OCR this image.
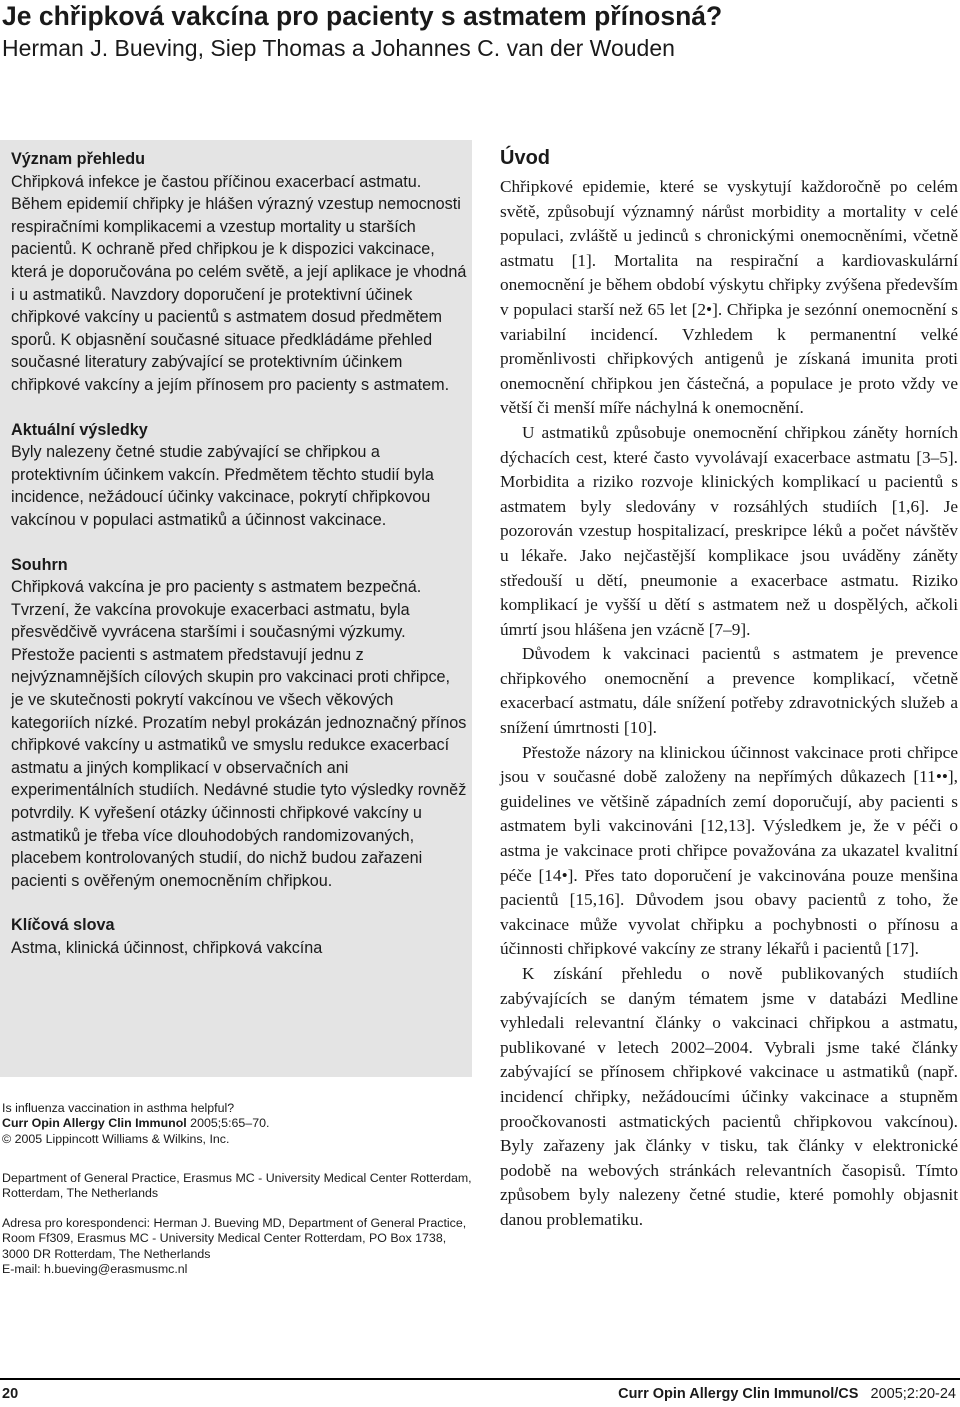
Je chřipková vakcína pro pacienty s astmatem přínosná?
Herman J. Bueving, Siep Thomas a Johannes C. van der Wouden
Význam přehledu

Chřipková infekce je častou příčinou exacerbací astmatu. Během epidemií chřipky je hlášen výrazný vzestup nemocnosti respiračními komplikacemi a vzestup mortality u starších pacientů. K ochraně před chřipkou je k dispozici vakcinace, která je doporučována po celém světě, a její aplikace je vhodná i u astmatiků. Navzdory doporučení je protektivní účinek chřipkové vakcíny u pacientů s astmatem dosud předmětem sporů. K objasnění současné situace předkládáme přehled současné literatury zabývající se protektivním účinkem chřipkové vakcíny a jejím přínosem pro pacienty s astmatem.

Aktuální výsledky

Byly nalezeny četné studie zabývající se chřipkou a protektivním účinkem vakcín. Předmětem těchto studií byla incidence, nežádoucí účinky vakcinace, pokrytí chřipkovou vakcínou v populaci astmatiků a účinnost vakcinace.

Souhrn

Chřipková vakcína je pro pacienty s astmatem bezpečná. Tvrzení, že vakcína provokuje exacerbaci astmatu, byla přesvědčivě vyvrácena staršími i současnými výzkumy. Přestože pacienti s astmatem představují jednu z nejvýznamnějších cílových skupin pro vakcinaci proti chřipce, je ve skutečnosti pokrytí vakcínou ve všech věkových kategoriích nízké. Prozatím nebyl prokázán jednoznačný přínos chřipkové vakcíny u astmatiků ve smyslu redukce exacerbací astmatu a jiných komplikací v observačních ani experimentálních studiích. Nedávné studie tyto výsledky rovněž potvrdily. K vyřešení otázky účinnosti chřipkové vakcíny u astmatiků je třeba více dlouhodobých randomizovaných, placebem kontrolovaných studií, do nichž budou zařazeni pacienti s ověřeným onemocněním chřipkou.

Klíčová slova

Astma, klinická účinnost, chřipková vakcína

Is influenza vaccination in asthma helpful?

Curr Opin Allergy Clin Immunol 2005;5:65–70.

© 2005 Lippincott Williams & Wilkins, Inc.

Department of General Practice, Erasmus MC - University Medical Center Rotterdam, Rotterdam, The Netherlands

Adresa pro korespondenci: Herman J. Bueving MD, Department of General Practice, Room Ff309, Erasmus MC - University Medical Center Rotterdam, PO Box 1738, 3000 DR Rotterdam, The Netherlands

E-mail: h.bueving@erasmusmc.nl

Úvod

Chřipkové epidemie, které se vyskytují každoročně po celém světě, způsobují významný nárůst morbidity a mortality v celé populaci, zvláště u jedinců s chronickými onemocněními, včetně astmatu [1]. Mortalita na respirační a kardiovaskulární onemocnění je během období výskytu chřipky zvýšena především v populaci starší než 65 let [2•]. Chřipka je sezónní onemocnění s variabilní incidencí. Vzhledem k permanentní velké proměnlivosti chřipkových antigenů je získaná imunita proti onemocnění chřipkou jen částečná, a populace je proto vždy ve větší či menší míře náchylná k onemocnění.

U astmatiků způsobuje onemocnění chřipkou záněty horních dýchacích cest, které často vyvolávají exacerbace astmatu [3–5]. Morbidita a riziko rozvoje klinických komplikací u pacientů s astmatem byly sledovány v rozsáhlých studiích [1,6]. Je pozorován vzestup hospitalizací, preskripce léků a počet návštěv u lékaře. Jako nejčastější komplikace jsou uváděny záněty středouší u dětí, pneumonie a exacerbace astmatu. Riziko komplikací je vyšší u dětí s astmatem než u dospělých, ačkoli úmrtí jsou hlášena jen vzácně [7–9].

Důvodem k vakcinaci pacientů s astmatem je prevence chřipkového onemocnění a prevence komplikací, včetně exacerbací astmatu, dále snížení potřeby zdravotnických služeb a snížení úmrtnosti [10].

Přestože názory na klinickou účinnost vakcinace proti chřipce jsou v současné době založeny na nepřímých důkazech [11••], guidelines ve většině západních zemí doporučují, aby pacienti s astmatem byli vakcinováni [12,13]. Výsledkem je, že v péči o astma je vakcinace proti chřipce považována za ukazatel kvalitní péče [14•]. Přes tato doporučení je vakcinována pouze menšina pacientů [15,16]. Důvodem jsou obavy pacientů z toho, že vakcinace může vyvolat chřipku a pochybnosti o přínosu a účinnosti chřipkové vakcíny ze strany lékařů i pacientů [17].

K získání přehledu o nově publikovaných studiích zabývajících se daným tématem jsme v databázi Medline vyhledali relevantní články o vakcinaci chřipkou a astmatu, publikované v letech 2002–2004. Vybrali jsme také články zabývající se přínosem chřipkové vakcinace u astmatiků (např. incidencí chřipky, nežádoucími účinky vakcinace a stupněm proočkovanosti astmatických pacientů chřipkovou vakcínou). Byly zařazeny jak články v tisku, tak články v elektronické podobě na webových stránkách relevantních časopisů. Tímto způsobem byly nalezeny četné studie, které pomohly objasnit danou problematiku.

20	Curr Opin Allergy Clin Immunol/CS 2005;2:20-24
